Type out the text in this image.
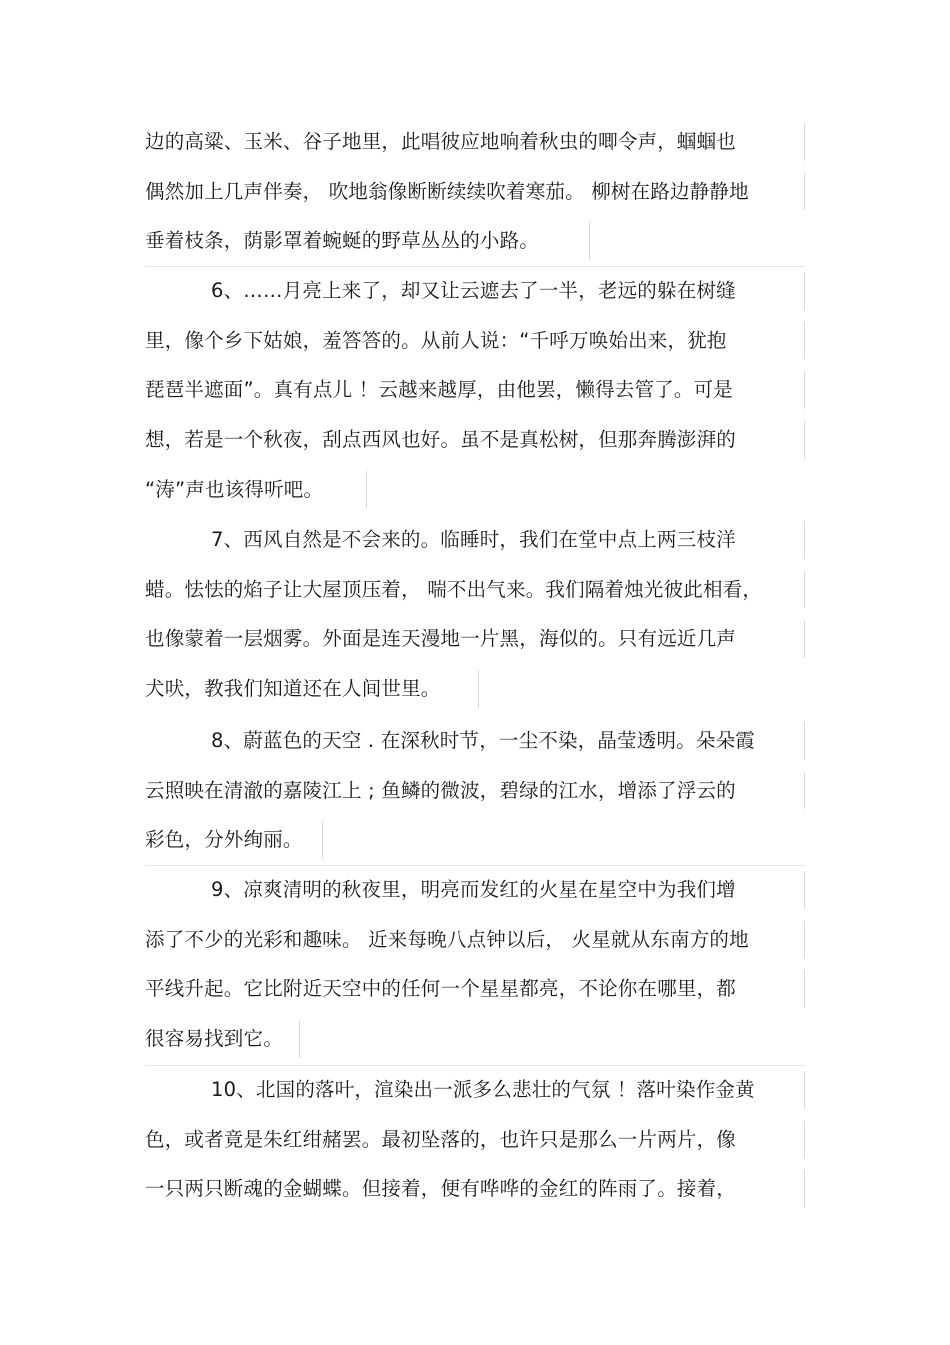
边的高粱、玉米、谷子地里，此唱彼应地响着秋虫的唧令声，蝈蝈也
偶然加上几声伴奏， 吹地翁像断断续续吹着寒茄。 柳树在路边静静地
垂着枝条，荫影罩着蜿蜒的野草丛丛的小路。
6、……月亮上来了，却又让云遮去了一半，老远的躲在树缝
里，像个乡下姑娘，羞答答的。从前人说：“千呼万唤始出来，犹抱
琵琶半遮面”。真有点儿 ！云越来越厚，由他罢，懒得去管了。可是
想，若是一个秋夜，刮点西风也好。虽不是真松树，但那奔腾澎湃的
“涛”声也该得听吧。
7、西风自然是不会来的。临睡时，我们在堂中点上两三枝洋
蜡。怯怯的焰子让大屋顶压着， 喘不出气来。我们隔着烛光彼此相看，
也像蒙着一层烟雾。外面是连天漫地一片黑，海似的。只有远近几声
犬吠，教我们知道还在人间世里。
8、蔚蓝色的天空 . 在深秋时节，一尘不染，晶莹透明。朵朵霞
云照映在清澈的嘉陵江上 ; 鱼鳞的微波，碧绿的江水，增添了浮云的
彩色，分外绚丽。
9、凉爽清明的秋夜里，明亮而发红的火星在星空中为我们增
添了不少的光彩和趣味。 近来每晚八点钟以后， 火星就从东南方的地
平线升起。它比附近天空中的任何一个星星都亮，不论你在哪里，都
很容易找到它。
10、北国的落叶，渲染出一派多么悲壮的气氛 ！落叶染作金黄
色，或者竟是朱红绀赭罢。最初坠落的，也许只是那么一片两片，像
一只两只断魂的金蝴蝶。但接着，便有哗哗的金红的阵雨了。接着，
